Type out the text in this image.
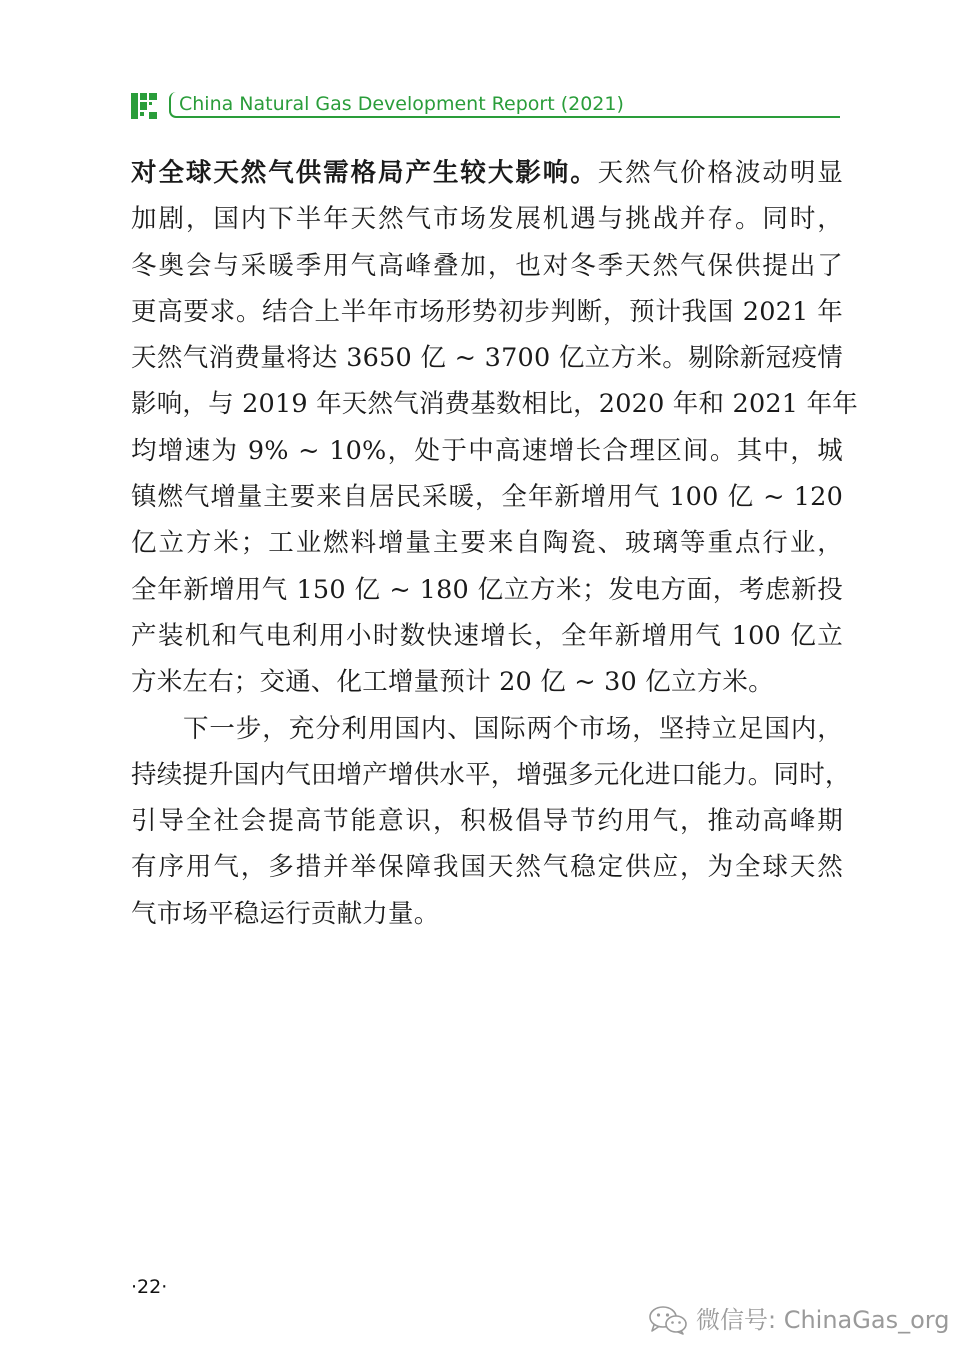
China Natural Gas Development Report (2021)
对全球天然气供需格局产生较大影响。天然气价格波动明显
加剧，国内下半年天然气市场发展机遇与挑战并存。同时，
冬奥会与采暖季用气高峰叠加，也对冬季天然气保供提出了
更高要求。结合上半年市场形势初步判断，预计我国 2021 年
天然气消费量将达 3650 亿 ~ 3700 亿立方米。剔除新冠疫情
影响，与 2019 年天然气消费基数相比，2020 年和 2021 年年
均增速为 9% ~ 10%，处于中高速增长合理区间。其中，城
镇燃气增量主要来自居民采暖，全年新增用气 100 亿 ~ 120
亿立方米；工业燃料增量主要来自陶瓷、玻璃等重点行业，
全年新增用气 150 亿 ~ 180 亿立方米；发电方面，考虑新投
产装机和气电利用小时数快速增长，全年新增用气 100 亿立
方米左右；交通、化工增量预计 20 亿 ~ 30 亿立方米。
下一步，充分利用国内、国际两个市场，坚持立足国内，
持续提升国内气田增产增供水平，增强多元化进口能力。同时，
引导全社会提高节能意识，积极倡导节约用气，推动高峰期
有序用气，多措并举保障我国天然气稳定供应，为全球天然
气市场平稳运行贡献力量。
·22·
微信号: ChinaGas_org
